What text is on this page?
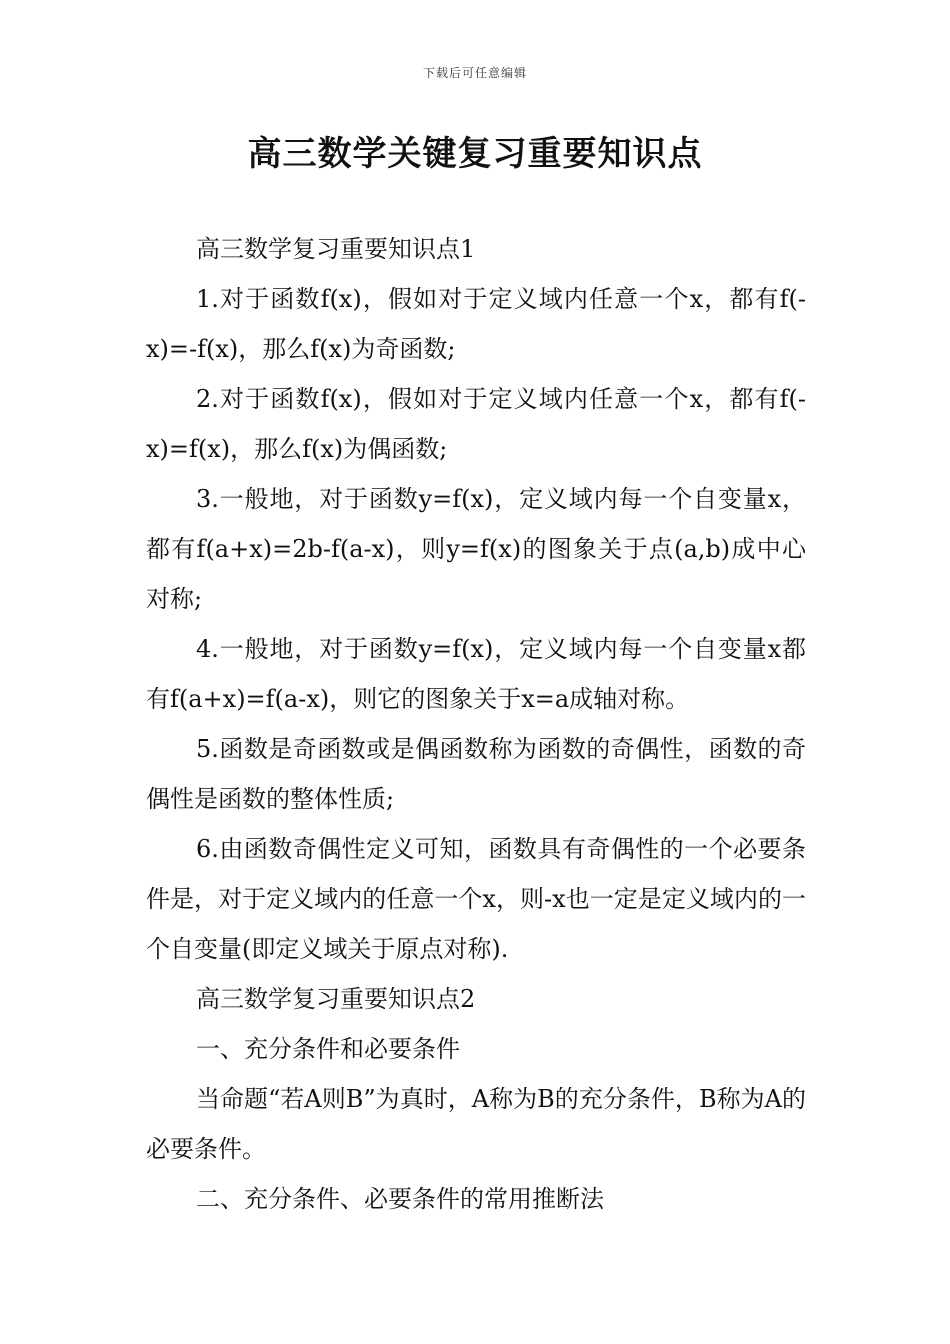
下载后可任意编辑
高三数学关键复习重要知识点

高三数学复习重要知识点1

1.对于函数f(x)，假如对于定义域内任意一个x，都有f(-x)=-f(x)，那么f(x)为奇函数;

2.对于函数f(x)，假如对于定义域内任意一个x，都有f(-x)=f(x)，那么f(x)为偶函数;

3.一般地，对于函数y=f(x)，定义域内每一个自变量x，都有f(a+x)=2b-f(a-x)，则y=f(x)的图象关于点(a,b)成中心对称;

4.一般地，对于函数y=f(x)，定义域内每一个自变量x都有f(a+x)=f(a-x)，则它的图象关于x=a成轴对称。

5.函数是奇函数或是偶函数称为函数的奇偶性，函数的奇偶性是函数的整体性质;

6.由函数奇偶性定义可知，函数具有奇偶性的一个必要条件是，对于定义域内的任意一个x，则-x也一定是定义域内的一个自变量(即定义域关于原点对称).

高三数学复习重要知识点2

一、充分条件和必要条件

当命题“若A则B”为真时，A称为B的充分条件，B称为A的必要条件。

二、充分条件、必要条件的常用推断法
